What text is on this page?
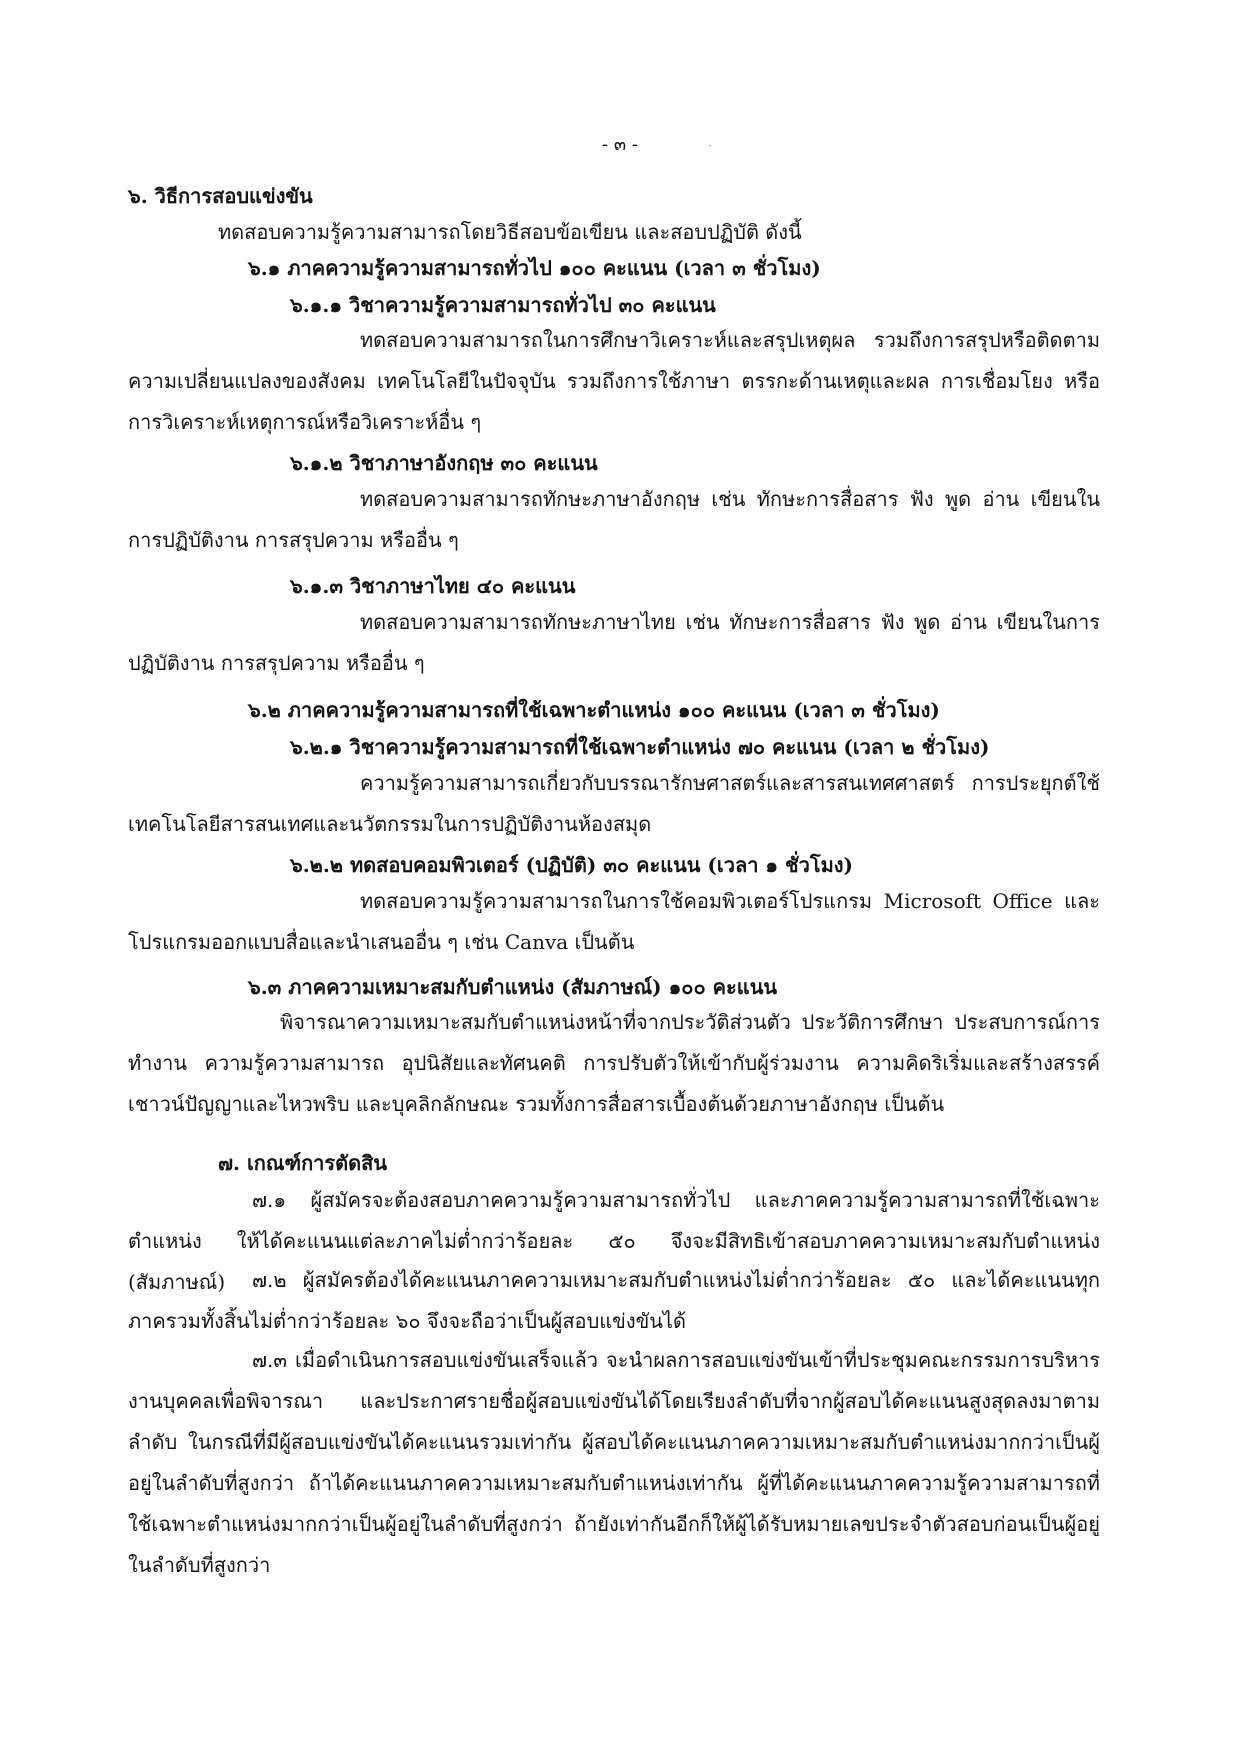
- ๓ -	·

๖. วิธีการสอบแข่งขัน

ทดสอบความรู้ความสามารถโดยวิธีสอบข้อเขียน และสอบปฏิบัติ ดังนี้

๖.๑ ภาคความรู้ความสามารถทั่วไป ๑๐๐ คะแนน (เวลา ๓ ชั่วโมง)

๖.๑.๑ วิชาความรู้ความสามารถทั่วไป ๓๐ คะแนน

ทดสอบความสามารถในการศึกษาวิเคราะห์และสรุปเหตุผล รวมถึงการสรุปหรือติดตามความเปลี่ยนแปลงของสังคม เทคโนโลยีในปัจจุบัน รวมถึงการใช้ภาษา ตรรกะด้านเหตุและผล การเชื่อมโยง หรือการวิเคราะห์เหตุการณ์หรือวิเคราะห์อื่น ๆ

๖.๑.๒ วิชาภาษาอังกฤษ ๓๐ คะแนน

ทดสอบความสามารถทักษะภาษาอังกฤษ เช่น ทักษะการสื่อสาร ฟัง พูด อ่าน เขียนในการปฏิบัติงาน การสรุปความ หรืออื่น ๆ

๖.๑.๓ วิชาภาษาไทย ๔๐ คะแนน

ทดสอบความสามารถทักษะภาษาไทย เช่น ทักษะการสื่อสาร ฟัง พูด อ่าน เขียนในการปฏิบัติงาน การสรุปความ หรืออื่น ๆ

๖.๒ ภาคความรู้ความสามารถที่ใช้เฉพาะตำแหน่ง ๑๐๐ คะแนน (เวลา ๓ ชั่วโมง)

๖.๒.๑ วิชาความรู้ความสามารถที่ใช้เฉพาะตำแหน่ง ๗๐ คะแนน (เวลา ๒ ชั่วโมง)

ความรู้ความสามารถเกี่ยวกับบรรณารักษศาสตร์และสารสนเทศศาสตร์ การประยุกต์ใช้เทคโนโลยีสารสนเทศและนวัตกรรมในการปฏิบัติงานห้องสมุด

๖.๒.๒ ทดสอบคอมพิวเตอร์ (ปฏิบัติ) ๓๐ คะแนน (เวลา ๑ ชั่วโมง)

ทดสอบความรู้ความสามารถในการใช้คอมพิวเตอร์โปรแกรม Microsoft Office และโปรแกรมออกแบบสื่อและนำเสนออื่น ๆ เช่น Canva เป็นต้น

๖.๓ ภาคความเหมาะสมกับตำแหน่ง (สัมภาษณ์) ๑๐๐ คะแนน

พิจารณาความเหมาะสมกับตำแหน่งหน้าที่จากประวัติส่วนตัว ประวัติการศึกษา ประสบการณ์การทำงาน ความรู้ความสามารถ อุปนิสัยและทัศนคติ การปรับตัวให้เข้ากับผู้ร่วมงาน ความคิดริเริ่มและสร้างสรรค์ เชาวน์ปัญญาและไหวพริบ และบุคลิกลักษณะ รวมทั้งการสื่อสารเบื้องต้นด้วยภาษาอังกฤษ เป็นต้น

๗. เกณฑ์การตัดสิน

๗.๑ ผู้สมัครจะต้องสอบภาคความรู้ความสามารถทั่วไป และภาคความรู้ความสามารถที่ใช้เฉพาะตำแหน่ง ให้ได้คะแนนแต่ละภาคไม่ต่ำกว่าร้อยละ ๕๐ จึงจะมีสิทธิเข้าสอบภาคความเหมาะสมกับตำแหน่ง (สัมภาษณ์)	๗.๒ ผู้สมัครต้องได้คะแนนภาคความเหมาะสมกับตำแหน่งไม่ต่ำกว่าร้อยละ ๕๐ และได้คะแนนทุกภาครวมทั้งสิ้นไม่ต่ำกว่าร้อยละ ๖๐ จึงจะถือว่าเป็นผู้สอบแข่งขันได้

๗.๓ เมื่อดำเนินการสอบแข่งขันเสร็จแล้ว จะนำผลการสอบแข่งขันเข้าที่ประชุมคณะกรรมการบริหารงานบุคคลเพื่อพิจารณา และประกาศรายชื่อผู้สอบแข่งขันได้โดยเรียงลำดับที่จากผู้สอบได้คะแนนสูงสุดลงมาตามลำดับ ในกรณีที่มีผู้สอบแข่งขันได้คะแนนรวมเท่ากัน ผู้สอบได้คะแนนภาคความเหมาะสมกับตำแหน่งมากกว่าเป็นผู้อยู่ในลำดับที่สูงกว่า ถ้าได้คะแนนภาคความเหมาะสมกับตำแหน่งเท่ากัน ผู้ที่ได้คะแนนภาคความรู้ความสามารถที่ใช้เฉพาะตำแหน่งมากกว่าเป็นผู้อยู่ในลำดับที่สูงกว่า ถ้ายังเท่ากันอีกก็ให้ผู้ได้รับหมายเลขประจำตัวสอบก่อนเป็นผู้อยู่ในลำดับที่สูงกว่า
